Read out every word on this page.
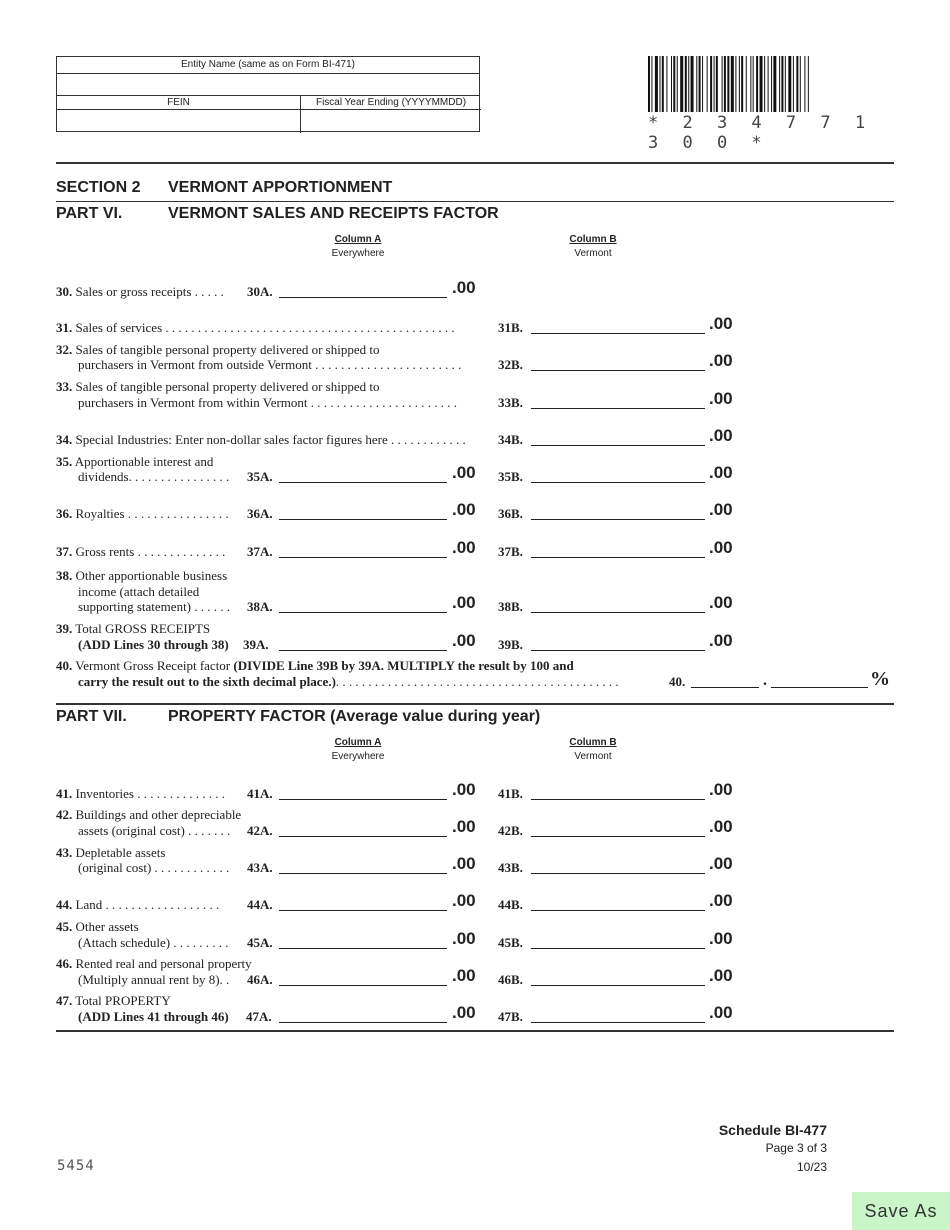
Entity Name (same as on Form BI-471)
FEIN	Fiscal Year Ending (YYYYMMDD)
* 2 3 4 7 7 1 3 0 0 *
SECTION 2 VERMONT APPORTIONMENT
PART VI.	VERMONT SALES AND RECEIPTS FACTOR
Column A
Everywhere
Column B
Vermont
30. Sales or gross receipts . . . . . 30A.	.00
31. Sales of services . . . . . . . . . . . . . . . . . . . . . . . . . . . . . . . . . . . . . . . . . . . . .	31B.	.00
32. Sales of tangible personal property delivered or shipped to
purchasers in Vermont from outside Vermont . . . . . . . . . . . . . . . . . . . . . . .	32B.	.00
33. Sales of tangible personal property delivered or shipped to
purchasers in Vermont from within Vermont . . . . . . . . . . . . . . . . . . . . . . .	33B.	.00
34. Special Industries: Enter non-dollar sales factor figures here . . . . . . . . . . . . 34B.	.00
35. Apportionable interest and
dividends. . . . . . . . . . . . . . . . 35A.	.00 35B.	.00
36. Royalties . . . . . . . . . . . . . . . . 36A.	.00 36B.	.00
37. Gross rents . . . . . . . . . . . . . . 37A.	.00 37B.	.00
38. Other apportionable business
income (attach detailed
supporting statement) . . . . . . 38A.	.00 38B.	.00
39. Total GROSS RECEIPTS
(ADD Lines 30 through 38) 39A.	.00 39B.	.00
40. Vermont Gross Receipt factor (DIVIDE Line 39B by 39A. MULTIPLY the result by 100 and
carry the result out to the sixth decimal place.). . . . . . . . . . . . . . . . . . . . . . . . . . . . . . . . . . . . . . . . . . . .	40.	.	%
PART VII.	PROPERTY FACTOR (Average value during year)
Column A
Everywhere
Column B
Vermont
41. Inventories . . . . . . . . . . . . . . 41A.	.00 41B.	.00
42. Buildings and other depreciable
assets (original cost) . . . . . . . 42A.	.00 42B.	.00
43. Depletable assets
(original cost) . . . . . . . . . . . . 43A.	.00 43B.	.00
44. Land . . . . . . . . . . . . . . . . . . 44A.	.00 44B.	.00
45. Other assets
(Attach schedule) . . . . . . . . . 45A.	.00 45B.	.00
46. Rented real and personal property
(Multiply annual rent by 8). . 46A.	.00 46B.	.00
47. Total PROPERTY
(ADD Lines 41 through 46) 47A.	.00 47B.	.00
Schedule BI-477
Page 3 of 3
10/23
5454
Save As
